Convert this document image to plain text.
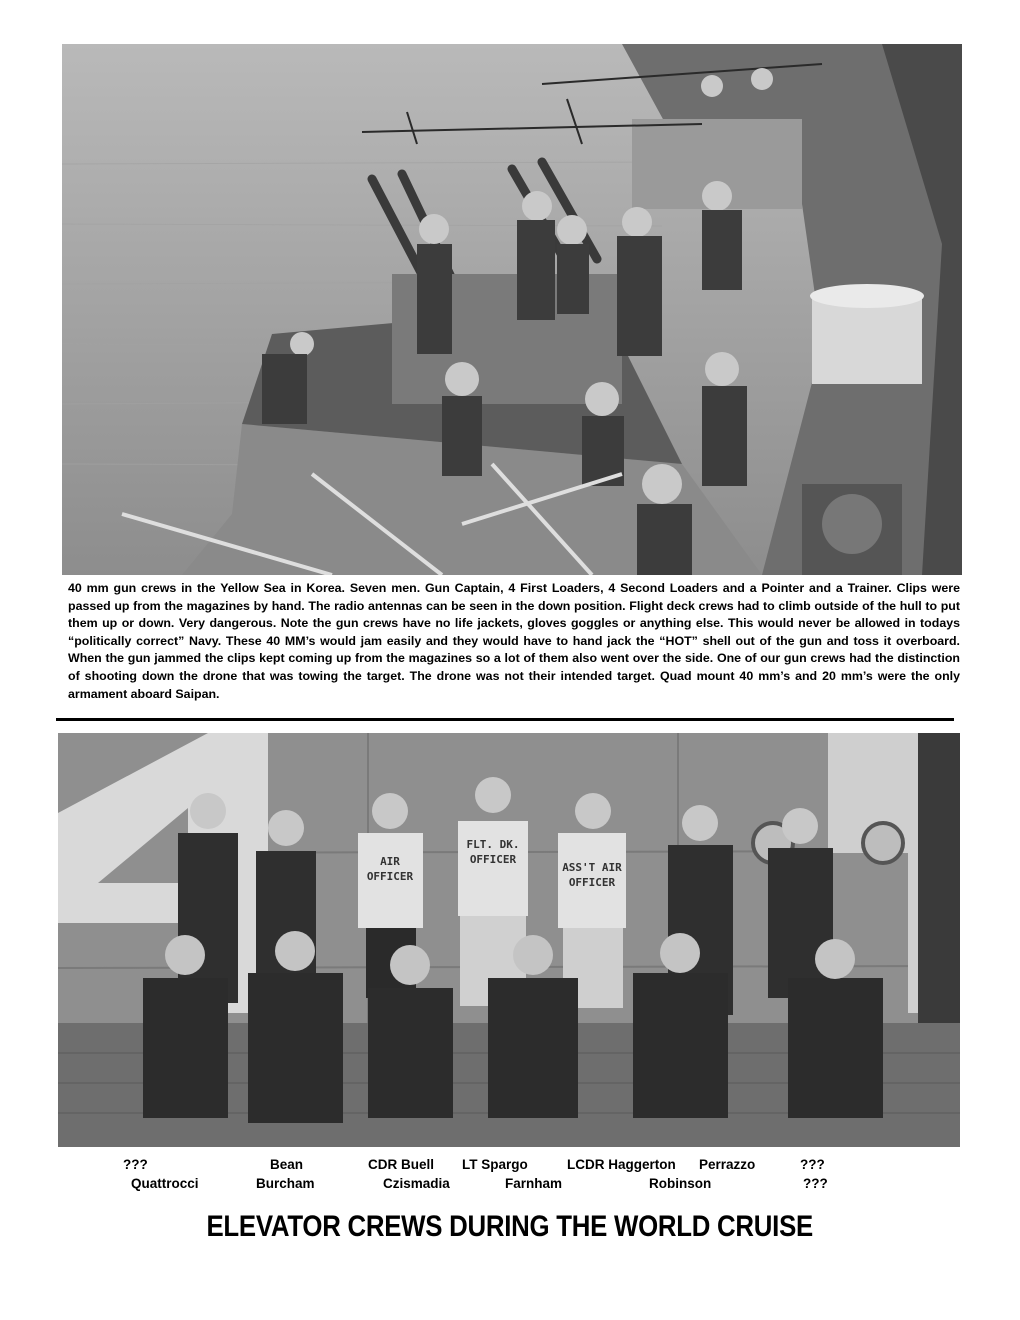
40 mm gun crews in the Yellow Sea in Korea. Seven men. Gun Captain, 4 First Loaders, 4 Second Loaders and a Pointer and a Trainer. Clips were passed up from the magazines by hand. The radio antennas can be seen in the down position. Flight deck crews had to climb outside of the hull to put them up or down. Very dangerous. Note the gun crews have no life jackets, gloves goggles or anything else. This would never be allowed in todays “politically correct” Navy. These 40 MM’s would jam easily and they would have to hand jack the “HOT” shell out of the gun and toss it overboard. When the gun jammed the clips kept coming up from the magazines so a lot of them also went over the side. One of our gun crews had the distinction of shooting down the drone that was towing the target. The drone was not their intended target. Quad mount 40 mm’s and 20 mm’s were the only armament aboard Saipan.
AIR
OFFICER
FLT. DK.
OFFICER
ASS'T AIR
OFFICER
???	Bean	CDR Buell LT Spargo	LCDR Haggerton Perrazzo	???
Quattrocci	Burcham	Czismadia	Farnham	Robinson	???
ELEVATOR CREWS DURING THE WORLD CRUISE
